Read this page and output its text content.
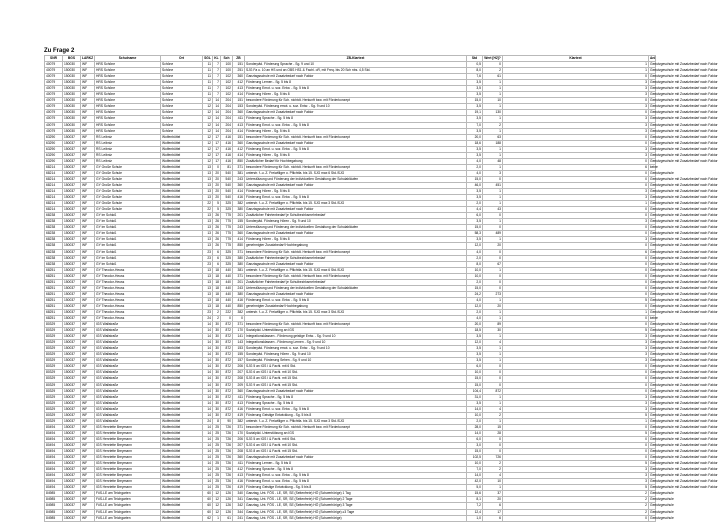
Zu Frage 2
SNR	BGS	LARKZ	Schulname	Ort	SGL	KL	Sch	ZB	ZB-Klartext	Std	Wert [H2]?	Klartext	Anl	
40079	150030	WF	HRS Schöne	Schöne	11	7	100	151	Sonderpäd. Förderung Sprache - Sg. 9 und 10	0,5	0	1	Genutzgeschule mit Zusatzbedarf nach Faktor	
40079	150030	WF	HRS Schöne	Schöne	11	7	100	251	SJG Fa u. 10 an HS und an OBS HS1 & Fachl. oR, mit Freq. bis 20 Sch nbs. 4,5 Std.	8,0	2	1	Genutzgeschule mit Zusatzbedarf nach Faktor	
40079	150030	WF	HRS Schöne	Schöne	11	7	102	360	Ganztagsschule mit Zusatzbedarf nach Faktor	7,6	61	0	Genutzgeschule mit Zusatzbedarf nach Faktor	
40079	150030	WF	HRS Schöne	Schöne	11	7	102	412	Förderung Lernen - Sg. 5 bis 8	3,5	1	3	Genutzgeschule mit Zusatzbedarf nach Faktor	
40079	150030	WF	HRS Schöne	Schöne	11	7	102	413	Förderung Emot. u. soz. Entw. - Sg. 5 bis 8	3,5	1	3	Genutzgeschule mit Zusatzbedarf nach Faktor	
40079	150030	WF	HRS Schöne	Schöne	11	7	102	414	Förderung Hören - Sg. 5 bis 8	3,5	1	3	Genutzgeschule mit Zusatzbedarf nach Faktor	
40079	150030	WF	HRS Schöne	Schöne	12	14	204	151	besondere Förderung für Sch. nichtdt. Herkunft bzw. mit Förderkonzept	15,0	10	0	Genutzgeschule mit Zusatzbedarf nach Faktor	
40079	150030	WF	HRS Schöne	Schöne	12	14	204	153	Sonderpäd. Förderung emot. u. soz. Entw. - Sg. 9 und 10	3,5	1	3	Genutzgeschule mit Zusatzbedarf nach Faktor	
40079	150030	WF	HRS Schöne	Schöne	12	14	204	360	Ganztagsschule mit Zusatzbedarf nach Faktor	19,1	130	0	Genutzgeschule mit Zusatzbedarf nach Faktor	
40079	150030	WF	HRS Schöne	Schöne	12	14	204	411	Förderung Sprache - Sg. 5 bis 8	3,5	1	3	Genutzgeschule mit Zusatzbedarf nach Faktor	
40079	150030	WF	HRS Schöne	Schöne	12	14	204	413	Förderung Emot. u. soz. Entw. - Sg. 5 bis 8	7,0	2	3	Genutzgeschule mit Zusatzbedarf nach Faktor	
40079	150030	WF	HRS Schöne	Schöne	12	14	204	414	Förderung Hören - Sg. 5 bis 8	3,5	1	3	Genutzgeschule mit Zusatzbedarf nach Faktor	
63290	150037	WF	RS Leibniz	Wolfenbüttel	12	17	416	151	besondere Förderung für Sch. nichtdt. Herkunft bzw. mit Förderkonzept	20,0	63	0	Genutzgeschule mit Zusatzbedarf nach Faktor	
63290	150037	WF	RS Leibniz	Wolfenbüttel	12	17	416	360	Ganztagsschule mit Zusatzbedarf nach Faktor	18,6	188	0	Genutzgeschule mit Zusatzbedarf nach Faktor	
63290	150037	WF	RS Leibniz	Wolfenbüttel	12	17	416	412	Förderung Emot. u. soz. Entw. - Sg. 5 bis 8	3,5	1	3	Genutzgeschule mit Zusatzbedarf nach Faktor	
63290	150037	WF	RS Leibniz	Wolfenbüttel	12	17	416	414	Förderung Hören - Sg. 5 bis 8	3,5	1	3	Genutzgeschule mit Zusatzbedarf nach Faktor	
63290	150037	WF	RS Leibniz	Wolfenbüttel	12	17	416	850	Zusätzlicher Bedarf für Hochbegabung	4,0	48	0	Genutzgeschule mit Zusatzbedarf nach Faktor	
68214	150037	WF	GY Große Schule	Wolfenbüttel	13	0	81	371	besondere Förderung für Sch. nichtdt. Herkunft bzw. mit Förderkonzept	2,0	1	6	keine	
68214	150037	WF	GY Große Schule	Wolfenbüttel	13	20	540	381	unterstr. f.-u. Z. Freiwilliger o. Pflichtfa. bis 15. SJG max 6 Std./SJG	4,0	3	0	Genutzgeschule	
68214	150037	WF	GY Große Schule	Wolfenbüttel	13	20	540	243	Unterstützung und Förderung der individuellen Gestaltung der Schulabläufen	15,0	0	0	Genutzgeschule mit Zusatzbedarf nach Faktor	
68214	150037	WF	GY Große Schule	Wolfenbüttel	13	20	540	360	Ganztagsschule mit Zusatzbedarf nach Faktor	46,0	451	0	Genutzgeschule mit Zusatzbedarf nach Faktor	
68214	150037	WF	GY Große Schule	Wolfenbüttel	13	20	540	414	Förderung Hören - Sg. 5 bis 8	3,5	1	3	Genutzgeschule mit Zusatzbedarf nach Faktor	
68214	150037	WF	GY Große Schule	Wolfenbüttel	13	20	540	416	Förderung Emot. u. soz. Entw. - Sg. 5 bis 8	3,5	1	3	Genutzgeschule mit Zusatzbedarf nach Faktor	
68214	150037	WF	GY Große Schule	Wolfenbüttel	22	5	325	382	unterstr. f.-u. Z. Freiwilliger o. Pflichtfa. bis 15. SJG max 3 Std./SJG	2,0	1	1	Genutzgeschule mit Zusatzbedarf nach Faktor	
68214	150037	WF	GY Große Schule	Wolfenbüttel	22	5	325	380	Ganztagsschule mit Zusatzbedarf nach Faktor	4,4	43	0	Genutzgeschule mit Zusatzbedarf nach Faktor	
68238	150037	WF	GY im Schloß	Wolfenbüttel	13	26	775	201	Zusätzlicher Fahrtenbedarf je Schulbezirksmehrbedarf	6,0	0	0	Genutzgeschule mit Zusatzbedarf nach Faktor	
68238	150037	WF	GY im Schloß	Wolfenbüttel	13	26	775	155	Sonderpäd. Förderung Hören - Sg. 9 und 10	3,5	1	3	Genutzgeschule mit Zusatzbedarf nach Faktor	
68238	150037	WF	GY im Schloß	Wolfenbüttel	13	26	775	243	Unterstützung und Förderung der individuellen Gestaltung der Schulabläufen	15,0	0	0	Genutzgeschule mit Zusatzbedarf nach Faktor	
68238	150037	WF	GY im Schloß	Wolfenbüttel	13	26	775	360	Ganztagsschule mit Zusatzbedarf nach Faktor	58,3	489	0	Genutzgeschule mit Zusatzbedarf nach Faktor	
68238	150037	WF	GY im Schloß	Wolfenbüttel	13	26	775	414	Förderung Hören - Sg. 5 bis 8	3,5	1	3	Genutzgeschule mit Zusatzbedarf nach Faktor	
68238	150037	WF	GY im Schloß	Wolfenbüttel	13	26	775	850	genehmigter Zusatzbedarf Hochbegabung	12,0	20	0	Genutzgeschule mit Zusatzbedarf nach Faktor	
68238	150037	WF	GY im Schloß	Wolfenbüttel	23	6	325	371	besondere Förderung für Sch. nichtdt. Herkunft bzw. mit Förderkonzept	4,0	0	6	Genutzgeschule mit Zusatzbedarf nach Faktor	
68238	150037	WF	GY im Schloß	Wolfenbüttel	23	6	325	380	Zusätzlicher Fahrtenbedarf je Schulbezirksmehrbedarf	2,0	0	0	Genutzgeschule mit Zusatzbedarf nach Faktor	
68238	150037	WF	GY im Schloß	Wolfenbüttel	23	6	325	380	Ganztagsschule mit Zusatzbedarf nach Faktor	8,0	67	0	Genutzgeschule mit Zusatzbedarf nach Faktor	
68251	150037	WF	GY Theodor-Heuss	Wolfenbüttel	13	18	440	381	unterstr. f.-u. Z. Freiwilliger o. Pflichtfa. bis 15. SJG max 6 Std./SJG	10,0	1	0	Genutzgeschule mit Zusatzbedarf nach Faktor	
68251	150037	WF	GY Theodor-Heuss	Wolfenbüttel	13	18	440	371	besondere Förderung für Sch. nichtdt. Herkunft bzw. mit Förderkonzept	10,0	0	0	Genutzgeschule mit Zusatzbedarf nach Faktor	
68251	150037	WF	GY Theodor-Heuss	Wolfenbüttel	13	18	440	201	Zusätzlicher Fahrtenbedarf je Schulbezirksmehrbedarf	2,0	0	0	Genutzgeschule mit Zusatzbedarf nach Faktor	
68251	150037	WF	GY Theodor-Heuss	Wolfenbüttel	13	18	440	243	Unterstützung und Förderung der individuellen Gestaltung der Schulabläufen	15,0	0	0	Genutzgeschule mit Zusatzbedarf nach Faktor	
68251	150037	WF	GY Theodor-Heuss	Wolfenbüttel	13	18	440	380	Ganztagsschule mit Zusatzbedarf nach Faktor	24,2	273	0	Genutzgeschule mit Zusatzbedarf nach Faktor	
68251	150037	WF	GY Theodor-Heuss	Wolfenbüttel	13	18	440	416	Förderung Emot. u. soz. Entw. - Sg. 5 bis 8	4,0	1	5	Genutzgeschule mit Zusatzbedarf nach Faktor	
68251	150037	WF	GY Theodor-Heuss	Wolfenbüttel	13	18	440	850	genehmigter Zusatzbedarf Hochbegabung	12,0	20	0	Genutzgeschule mit Zusatzbedarf nach Faktor	
68251	150037	WF	GY Theodor-Heuss	Wolfenbüttel	23	2	222	382	unterstr. f.-u. Z. Freiwilliger o. Pflichtfa. bis 15. SJG max 3 Std./SJG	2,0	1	1	Genutzgeschule mit Zusatzbedarf nach Faktor	
68251	150037	WF	GY Theodor-Heuss	Wolfenbüttel	24	2	0	0		4,0	1	0	keine	
80329	150037	WF	IGS Wallstraße	Wolfenbüttel	14	30	872	371	besondere Förderung für Sch. nichtdt. Herkunft bzw. mit Förderkonzept	20,0	89	0	Genutzgeschule mit Zusatzbedarf nach Faktor	
80329	150037	WF	IGS Wallstraße	Wolfenbüttel	14	30	872	170	Sozialpäd. Unterstützung an IGS	18,5	30	5	Genutzgeschule mit Zusatzbedarf nach Faktor	
80329	150037	WF	IGS Wallstraße	Wolfenbüttel	14	30	872	141	Integrationsklassen - Förderung geistige Entw. - Sg. 9 und 10	3,5	1	3	Genutzgeschule mit Zusatzbedarf nach Faktor	
80329	150037	WF	IGS Wallstraße	Wolfenbüttel	14	30	872	143	Integrationsklassen - Förderung Lernen - Sg. 9 und 10	12,0	4	3	Genutzgeschule mit Zusatzbedarf nach Faktor	
80329	150037	WF	IGS Wallstraße	Wolfenbüttel	14	30	872	153	Sonderpäd. Förderung emot. u. soz. Entw. - Sg. 9 und 10	3,5	1	3	Genutzgeschule mit Zusatzbedarf nach Faktor	
80329	150037	WF	IGS Wallstraße	Wolfenbüttel	14	30	872	155	Sonderpäd. Förderung Hören - Sg. 9 und 10	3,5	1	3	Genutzgeschule mit Zusatzbedarf nach Faktor	
80329	150037	WF	IGS Wallstraße	Wolfenbüttel	14	30	872	157	Sonderpäd. Förderung Sehen - Sg. 9 und 10	3,5	1	3	Genutzgeschule mit Zusatzbedarf nach Faktor	
80329	150037	WF	IGS Wallstraße	Wolfenbüttel	14	30	872	206	SJG 5 an IGS I & Fachl. mit 6 Std.	6,0	0	0	Genutzgeschule mit Zusatzbedarf nach Faktor	
80329	150037	WF	IGS Wallstraße	Wolfenbüttel	14	30	872	207	SJG 6 an IGS I & Fachl. mit 10 Std.	10,0	0	0	Genutzgeschule mit Zusatzbedarf nach Faktor	
80329	150037	WF	IGS Wallstraße	Wolfenbüttel	14	30	872	208	SJG 8 an IGS I & Fachl. mit 15 Std.	15,0	0	0	Genutzgeschule mit Zusatzbedarf nach Faktor	
80329	150037	WF	IGS Wallstraße	Wolfenbüttel	14	30	872	209	SJG 9 an IGS I & Fachl. mit 15 Std.	15,0	0	0	Genutzgeschule mit Zusatzbedarf nach Faktor	
80329	150037	WF	IGS Wallstraße	Wolfenbüttel	14	30	872	360	Ganztagsschule mit Zusatzbedarf nach Faktor	104,4	872	0	Genutzgeschule mit Zusatzbedarf nach Faktor	
80329	150037	WF	IGS Wallstraße	Wolfenbüttel	14	30	872	411	Förderung Sprache - Sg. 5 bis 8	31,0	1	3	Genutzgeschule mit Zusatzbedarf nach Faktor	
80329	150037	WF	IGS Wallstraße	Wolfenbüttel	14	30	872	413	Förderung Sprache - Sg. 5 bis 8	3,5	1	3	Genutzgeschule mit Zusatzbedarf nach Faktor	
80329	150037	WF	IGS Wallstraße	Wolfenbüttel	14	30	872	416	Förderung Emot. u. soz. Entw. - Sg. 5 bis 8	14,0	4	3	Genutzgeschule mit Zusatzbedarf nach Faktor	
80329	150037	WF	IGS Wallstraße	Wolfenbüttel	14	30	872	419	Förderung Geistige Entwicklung - Sg. 5 bis 8	10,0	2	5	Genutzgeschule mit Zusatzbedarf nach Faktor	
80329	150037	WF	IGS Wallstraße	Wolfenbüttel	24	8	90	382	unterstr. f.-u. Z. Freiwilliger o. Pflichtfa. bis 15. SJG max 3 Std./SJG	2,0	1	1	Genutzgeschule mit Zusatzbedarf nach Faktor	
80494	150037	WF	IGS Henriette Breymann	Wolfenbüttel	14	25	726	371	besondere Förderung für Sch. nichtdt. Herkunft bzw. mit Förderkonzept	28,0	15	0	Genutzgeschule mit Zusatzbedarf nach Faktor	
80494	150037	WF	IGS Henriette Breymann	Wolfenbüttel	14	25	726	170	Sozialpäd. Unterstützung an IGS	14,0	28	5	Genutzgeschule mit Zusatzbedarf nach Faktor	
80494	150037	WF	IGS Henriette Breymann	Wolfenbüttel	14	25	726	206	SJG 5 an IGS I & Fachl. mit 6 Std.	6,0	0	0	Genutzgeschule mit Zusatzbedarf nach Faktor	
80494	150037	WF	IGS Henriette Breymann	Wolfenbüttel	14	25	726	207	SJG 6 an IGS I & Fachl. mit 10 Std.	3,0	0	0	Genutzgeschule mit Zusatzbedarf nach Faktor	
80494	150037	WF	IGS Henriette Breymann	Wolfenbüttel	14	25	726	208	SJG 8 an IGS I & Fachl. mit 15 Std.	15,0	0	0	Genutzgeschule mit Zusatzbedarf nach Faktor	
80494	150037	WF	IGS Henriette Breymann	Wolfenbüttel	14	25	726	360	Ganztagsschule mit Zusatzbedarf nach Faktor	102,5	726	0	Genutzgeschule mit Zusatzbedarf nach Faktor	
80494	150037	WF	IGS Henriette Breymann	Wolfenbüttel	14	25	726	411	Förderung Lernen - Sg. 5 bis 8	10,0	2	5	Genutzgeschule mit Zusatzbedarf nach Faktor	
80494	150037	WF	IGS Henriette Breymann	Wolfenbüttel	14	25	726	412	Förderung Sprache - Sg. 5 bis 8	7,0	2	3	Genutzgeschule mit Zusatzbedarf nach Faktor	
80494	150037	WF	IGS Henriette Breymann	Wolfenbüttel	14	25	726	413	Förderung Emot. u. soz. Entw. - Sg. 5 bis 8	14,0	4	3	Genutzgeschule mit Zusatzbedarf nach Faktor	
80494	150037	WF	IGS Henriette Breymann	Wolfenbüttel	14	25	726	416	Förderung Emot. u. soz. Entw. - Sg. 5 bis 8	42,0	10	3	Genutzgeschule mit Zusatzbedarf nach Faktor	
80494	150037	WF	IGS Henriette Breymann	Wolfenbüttel	14	25	726	419	Förderung Geistige Entwicklung - Sg. 5 bis 8	5,0	1	5	Genutzgeschule mit Zusatzbedarf nach Faktor	
84985	150037	WF	FöS-LE am Teichgarten	Wolfenbüttel	60	12	126	340	Ganztag, Unt. FÖS - LE, SR, SE (Seitenfreie) HÖ (Schwerhörige) 1 Tag	15,6	37	2	Genutzgeschule	
84985	150037	WF	FöS-LE am Teichgarten	Wolfenbüttel	60	12	126	341	Ganztag, Unt. FÖS - LE, SR, SE (Seitenfreie) HÖ (Schwerhörige) 2 Tage	8,1	20	2	Genutzgeschule	
84985	150037	WF	FöS-LE am Teichgarten	Wolfenbüttel	60	12	126	342	Ganztag, Unt. FÖS - LE, SR, SE (Seitenfreie) HÖ (Schwerhörige) 3 Tage	7,2	6	2	Genutzgeschule	
84985	150037	WF	FöS-LE am Teichgarten	Wolfenbüttel	60	12	126	344	Ganztag, Unt. FÖS - LE, SR, SE (Seitenfreie) HÖ (Schwerhörige) ≥3 Tage	12,4	17	2	Genutzgeschule	
84985	150037	WF	FöS-LE am Teichgarten	Wolfenbüttel	62	1	61	241	Ganztag, Unt. FÖS - LE, SR, SE (Seitenfreie) HÖ (Schwerhörige)	1,0	6	0	Genutzgeschule	
